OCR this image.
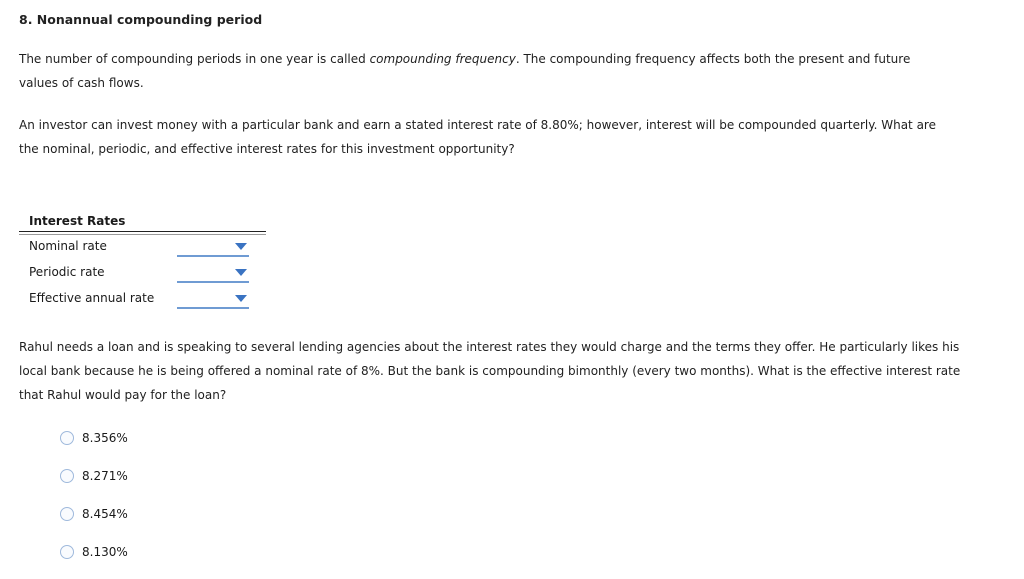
8. Nonannual compounding period
The number of compounding periods in one year is called compounding frequency. The compounding frequency affects both the present and future values of cash flows.
An investor can invest money with a particular bank and earn a stated interest rate of 8.80%; however, interest will be compounded quarterly. What are the nominal, periodic, and effective interest rates for this investment opportunity?
Interest Rates
Nominal rate
Periodic rate
Effective annual rate
Rahul needs a loan and is speaking to several lending agencies about the interest rates they would charge and the terms they offer. He particularly likes his local bank because he is being offered a nominal rate of 8%. But the bank is compounding bimonthly (every two months). What is the effective interest rate that Rahul would pay for the loan?
8.356%
8.271%
8.454%
8.130%
